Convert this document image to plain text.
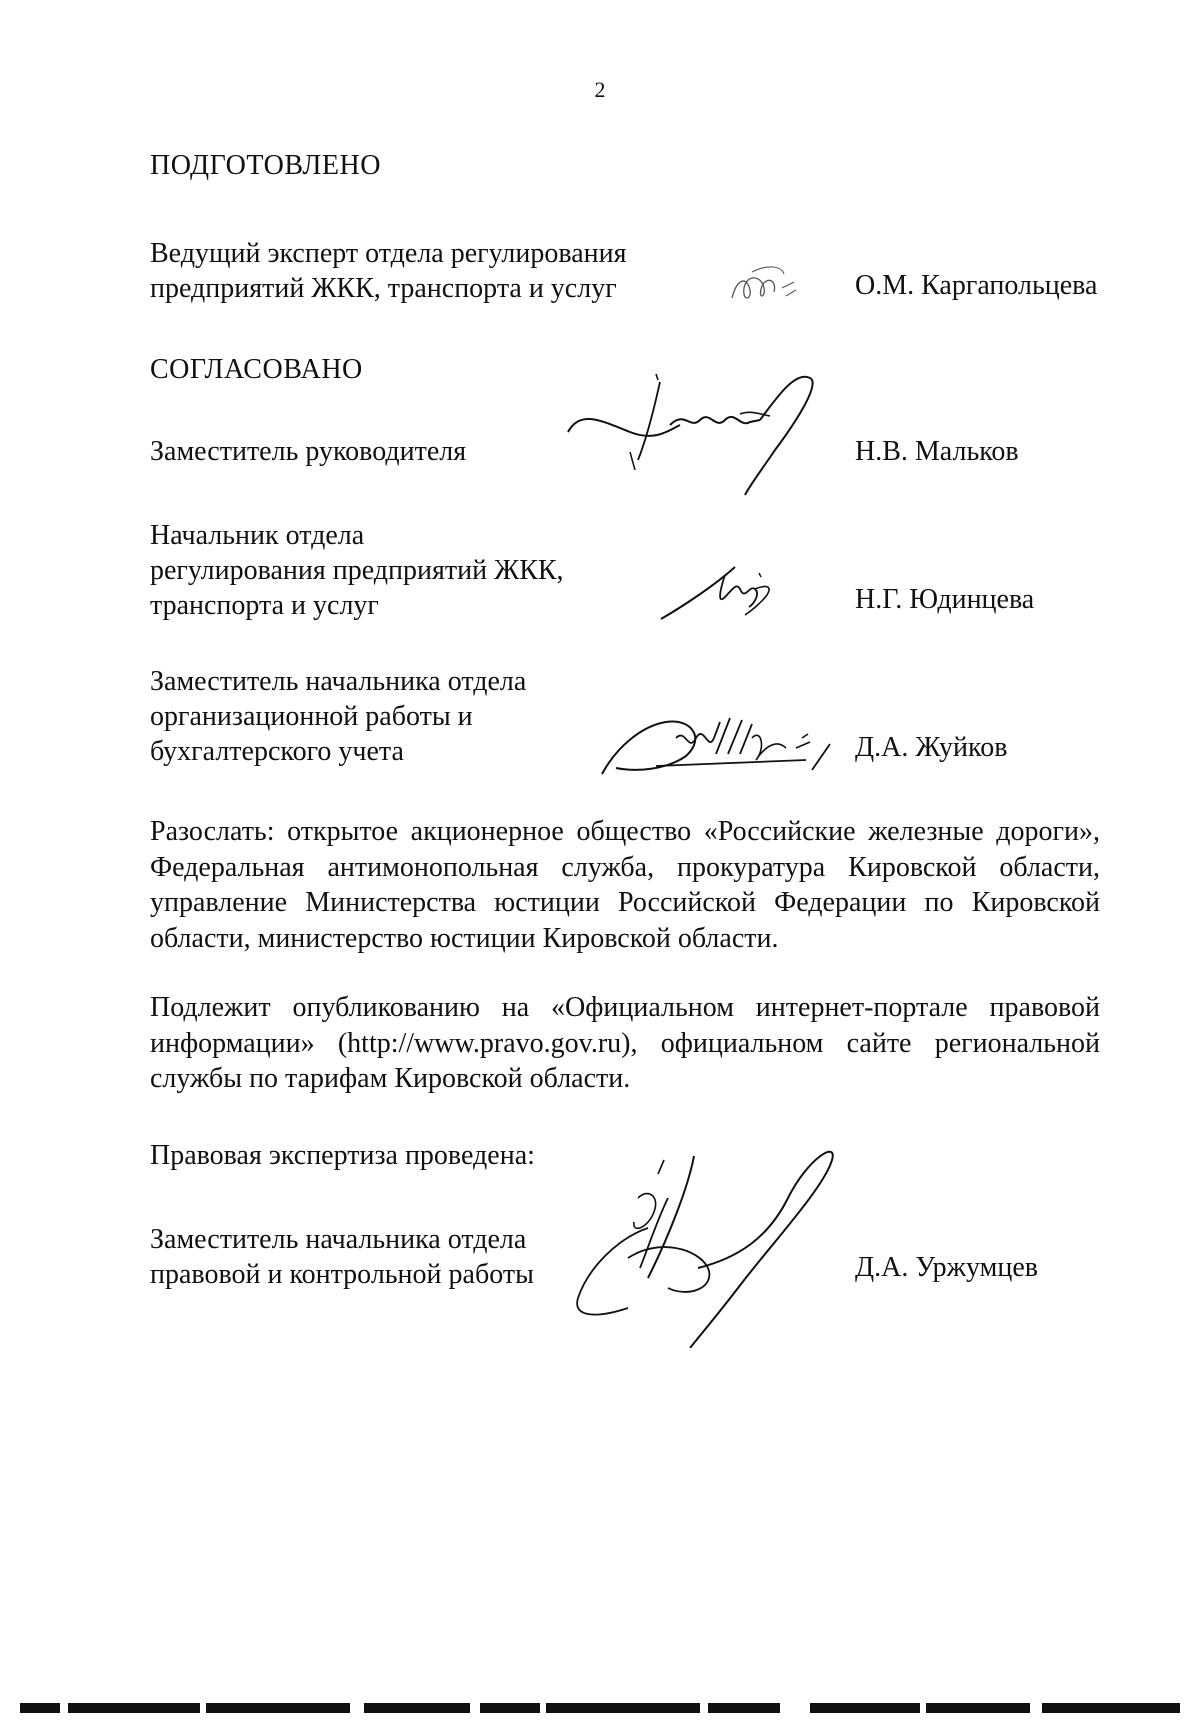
2
ПОДГОТОВЛЕНО
Ведущий эксперт отдела регулирования
предприятий ЖКК, транспорта и услуг	О.М. Каргапольцева
СОГЛАСОВАНО
Заместитель руководителя	Н.В. Мальков
Начальник отдела
регулирования предприятий ЖКК,
транспорта и услуг	Н.Г. Юдинцева
Заместитель начальника отдела
организационной работы и
бухгалтерского учета	Д.А. Жуйков
Разослать: открытое акционерное общество «Российские железные дороги»,
Федеральная антимонопольная служба, прокуратура Кировской области,
управление Министерства юстиции Российской Федерации по Кировской
области, министерство юстиции Кировской области.
Подлежит опубликованию на «Официальном интернет-портале правовой
информации» (http://www.pravo.gov.ru), официальном сайте региональной
службы по тарифам Кировской области.
Правовая экспертиза проведена:
Заместитель начальника отдела
правовой и контрольной работы	Д.А. Уржумцев
